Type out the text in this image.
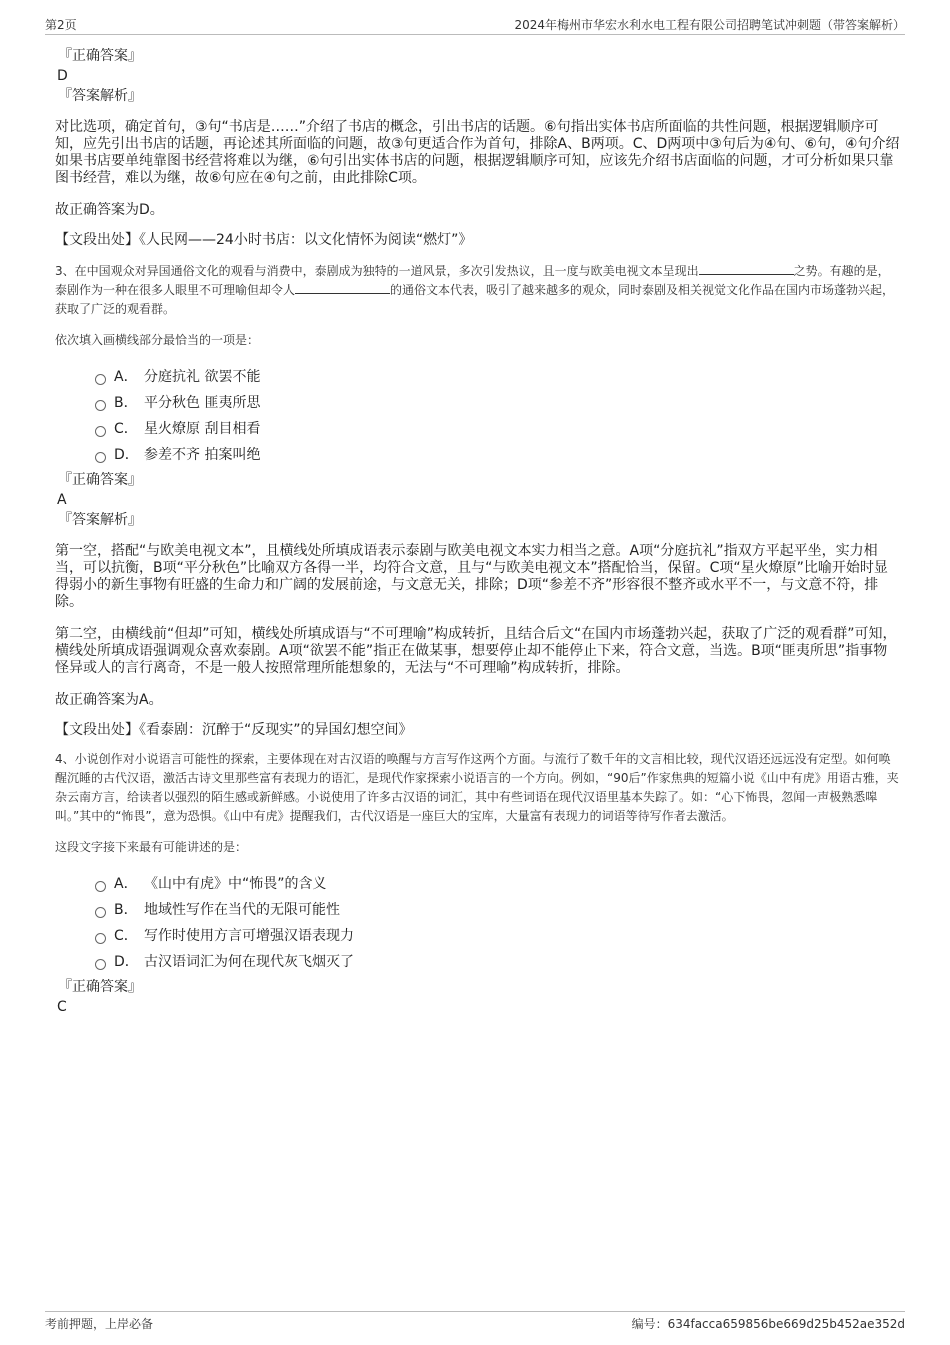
第2页	2024年梅州市华宏水利水电工程有限公司招聘笔试冲刺题（带答案解析）
『正确答案』
D
『答案解析』

对比选项，确定首句，③句“书店是……”介绍了书店的概念，引出书店的话题。⑥句指出实体书店所面临的共性问题，根据逻辑顺序可知，应先引出书店的话题，再论述其所面临的问题，故③句更适合作为首句，排除A、B两项。C、D两项中③句后为④句、⑥句，④句介绍如果书店要单纯靠图书经营将难以为继，⑥句引出实体书店的问题，根据逻辑顺序可知，应该先介绍书店面临的问题，才可分析如果只靠图书经营，难以为继，故⑥句应在④句之前，由此排除C项。

故正确答案为D。

【文段出处】《人民网——24小时书店：以文化情怀为阅读“燃灯”》

3、在中国观众对异国通俗文化的观看与消费中，泰剧成为独特的一道风景，多次引发热议，且一度与欧美电视文本呈现出	之势。有趣的是，泰剧作为一种在很多人眼里不可理喻但却令人	的通俗文本代表，吸引了越来越多的观众，同时泰剧及相关视觉文化作品在国内市场蓬勃兴起，获取了广泛的观看群。

依次填入画横线部分最恰当的一项是：

A． 分庭抗礼 欲罢不能
B． 平分秋色 匪夷所思
C． 星火燎原 刮目相看
D． 参差不齐 拍案叫绝
『正确答案』
A
『答案解析』

第一空，搭配“与欧美电视文本”，且横线处所填成语表示泰剧与欧美电视文本实力相当之意。A项“分庭抗礼”指双方平起平坐，实力相当，可以抗衡，B项“平分秋色”比喻双方各得一半，均符合文意，且与“与欧美电视文本”搭配恰当，保留。C项“星火燎原”比喻开始时显得弱小的新生事物有旺盛的生命力和广阔的发展前途，与文意无关，排除；D项“参差不齐”形容很不整齐或水平不一，与文意不符，排除。

第二空，由横线前“但却”可知，横线处所填成语与“不可理喻”构成转折，且结合后文“在国内市场蓬勃兴起，获取了广泛的观看群”可知，横线处所填成语强调观众喜欢泰剧。A项“欲罢不能”指正在做某事，想要停止却不能停止下来，符合文意，当选。B项“匪夷所思”指事物怪异或人的言行离奇，不是一般人按照常理所能想象的，无法与“不可理喻”构成转折，排除。

故正确答案为A。

【文段出处】《看泰剧：沉醉于“反现实”的异国幻想空间》

4、小说创作对小说语言可能性的探索，主要体现在对古汉语的唤醒与方言写作这两个方面。与流行了数千年的文言相比较，现代汉语还远远没有定型。如何唤醒沉睡的古代汉语，激活古诗文里那些富有表现力的语汇，是现代作家探索小说语言的一个方向。例如，“90后”作家焦典的短篇小说《山中有虎》用语古雅，夹杂云南方言，给读者以强烈的陌生感或新鲜感。小说使用了许多古汉语的词汇，其中有些词语在现代汉语里基本失踪了。如：“心下怖畏，忽闻一声极熟悉嗥叫。”其中的“怖畏”，意为恐惧。《山中有虎》提醒我们，古代汉语是一座巨大的宝库，大量富有表现力的词语等待写作者去激活。

这段文字接下来最有可能讲述的是：

A． 《山中有虎》中“怖畏”的含义
B． 地域性写作在当代的无限可能性
C． 写作时使用方言可增强汉语表现力
D． 古汉语词汇为何在现代灰飞烟灭了
『正确答案』
C
考前押题，上岸必备	编号：634facca659856be669d25b452ae352d
